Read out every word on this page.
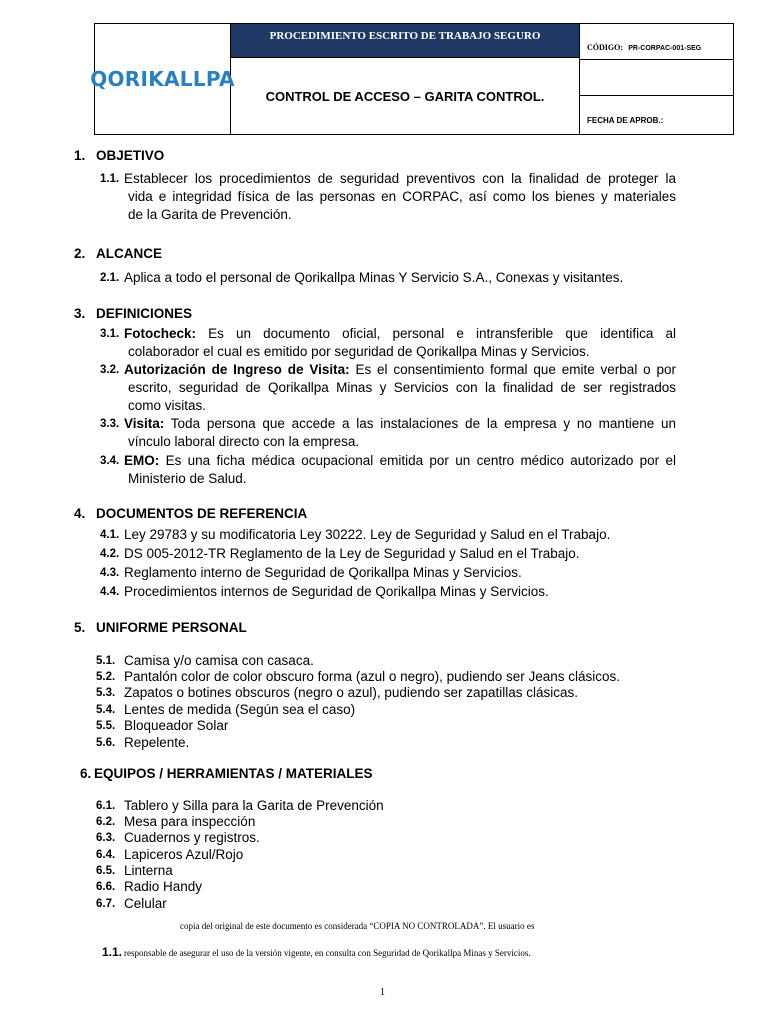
QORIKALLPA
PROCEDIMIENTO ESCRITO DE TRABAJO SEGURO
CONTROL DE ACCESO – GARITA CONTROL.
CÓDIGO: PR-CORPAC-001-SEG
FECHA DE APROB.:
1. OBJETIVO
1.1. Establecer los procedimientos de seguridad preventivos con la finalidad de proteger la
vida e integridad física de las personas en CORPAC, así como los bienes y materiales
de la Garita de Prevención.
2. ALCANCE
2.1. Aplica a todo el personal de Qorikallpa Minas Y Servicio S.A., Conexas y visitantes.
3. DEFINICIONES
3.1. Fotocheck: Es un documento oficial, personal e intransferible que identifica al
colaborador el cual es emitido por seguridad de Qorikallpa Minas y Servicios.
3.2. Autorización de Ingreso de Visita: Es el consentimiento formal que emite verbal o por
escrito, seguridad de Qorikallpa Minas y Servicios con la finalidad de ser registrados
como visitas.
3.3. Visita: Toda persona que accede a las instalaciones de la empresa y no mantiene un
vínculo laboral directo con la empresa.
3.4. EMO: Es una ficha médica ocupacional emitida por un centro médico autorizado por el
Ministerio de Salud.
4. DOCUMENTOS DE REFERENCIA
4.1. Ley 29783 y su modificatoria Ley 30222. Ley de Seguridad y Salud en el Trabajo.
4.2. DS 005-2012-TR Reglamento de la Ley de Seguridad y Salud en el Trabajo.
4.3. Reglamento interno de Seguridad de Qorikallpa Minas y Servicios.
4.4. Procedimientos internos de Seguridad de Qorikallpa Minas y Servicios.
5. UNIFORME PERSONAL
5.1. Camisa y/o camisa con casaca.
5.2. Pantalón color de color obscuro forma (azul o negro), pudiendo ser Jeans clásicos.
5.3. Zapatos o botines obscuros (negro o azul), pudiendo ser zapatillas clásicas.
5.4. Lentes de medida (Según sea el caso)
5.5. Bloqueador Solar
5.6. Repelente.
6. EQUIPOS / HERRAMIENTAS / MATERIALES
6.1. Tablero y Silla para la Garita de Prevención
6.2. Mesa para inspección
6.3. Cuadernos y registros.
6.4. Lapiceros Azul/Rojo
6.5. Linterna
6.6. Radio Handy
6.7. Celular
copia del original de este documento es considerada “COPIA NO CONTROLADA”. El usuario es
1.1. responsable de asegurar el uso de la versión vigente, en consulta con Seguridad de Qorikallpa Minas y Servicios.
1
